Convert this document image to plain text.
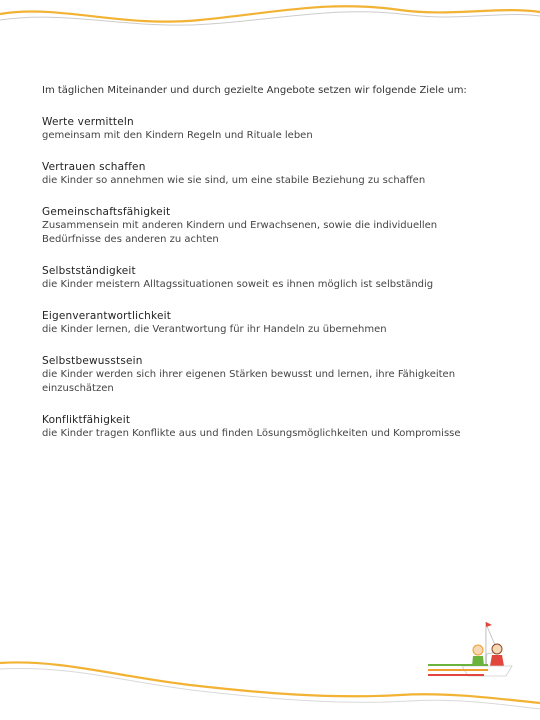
Im täglichen Miteinander und durch gezielte Angebote setzen wir folgende Ziele um:
Werte vermitteln
gemeinsam mit den Kindern Regeln und Rituale leben
Vertrauen schaffen
die Kinder so annehmen wie sie sind, um eine stabile Beziehung zu schaffen
Gemeinschaftsfähigkeit
Zusammensein mit anderen Kindern und Erwachsenen, sowie die individuellen Bedürfnisse des anderen zu achten
Selbstständigkeit
die Kinder meistern Alltagssituationen soweit es ihnen möglich ist selbständig
Eigenverantwortlichkeit
die Kinder lernen, die Verantwortung für ihr Handeln zu übernehmen
Selbstbewusstsein
die Kinder werden sich ihrer eigenen Stärken bewusst und lernen, ihre Fähigkeiten einzuschätzen
Konfliktfähigkeit
die Kinder tragen Konflikte aus und finden Lösungsmöglichkeiten und Kompromisse
